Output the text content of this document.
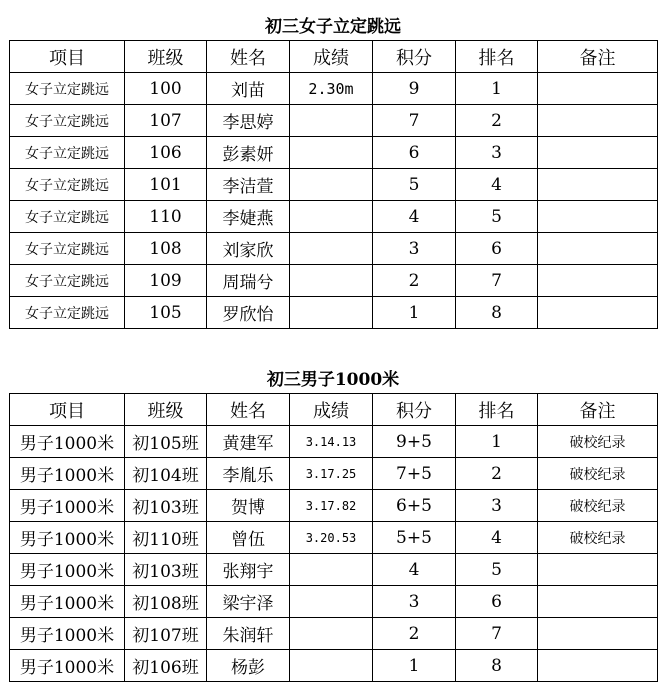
初三女子立定跳远
项目	班级	姓名	成绩	积分	排名	备注
女子立定跳远	100	刘苗	2.30m	9	1	
女子立定跳远	107	李思婷		7	2	
女子立定跳远	106	彭素妍		6	3	
女子立定跳远	101	李洁萱		5	4	
女子立定跳远	110	李婕燕		4	5	
女子立定跳远	108	刘家欣		3	6	
女子立定跳远	109	周瑞兮		2	7	
女子立定跳远	105	罗欣怡		1	8	
初三男子1000米
项目	班级	姓名	成绩	积分	排名	备注
男子1000米	初105班	黄建军	3.14.13	9+5	1	破校纪录
男子1000米	初104班	李胤乐	3.17.25	7+5	2	破校纪录
男子1000米	初103班	贺博	3.17.82	6+5	3	破校纪录
男子1000米	初110班	曾伍	3.20.53	5+5	4	破校纪录
男子1000米	初103班	张翔宇		4	5	
男子1000米	初108班	梁宇泽		3	6	
男子1000米	初107班	朱润轩		2	7	
男子1000米	初106班	杨彭		1	8	
